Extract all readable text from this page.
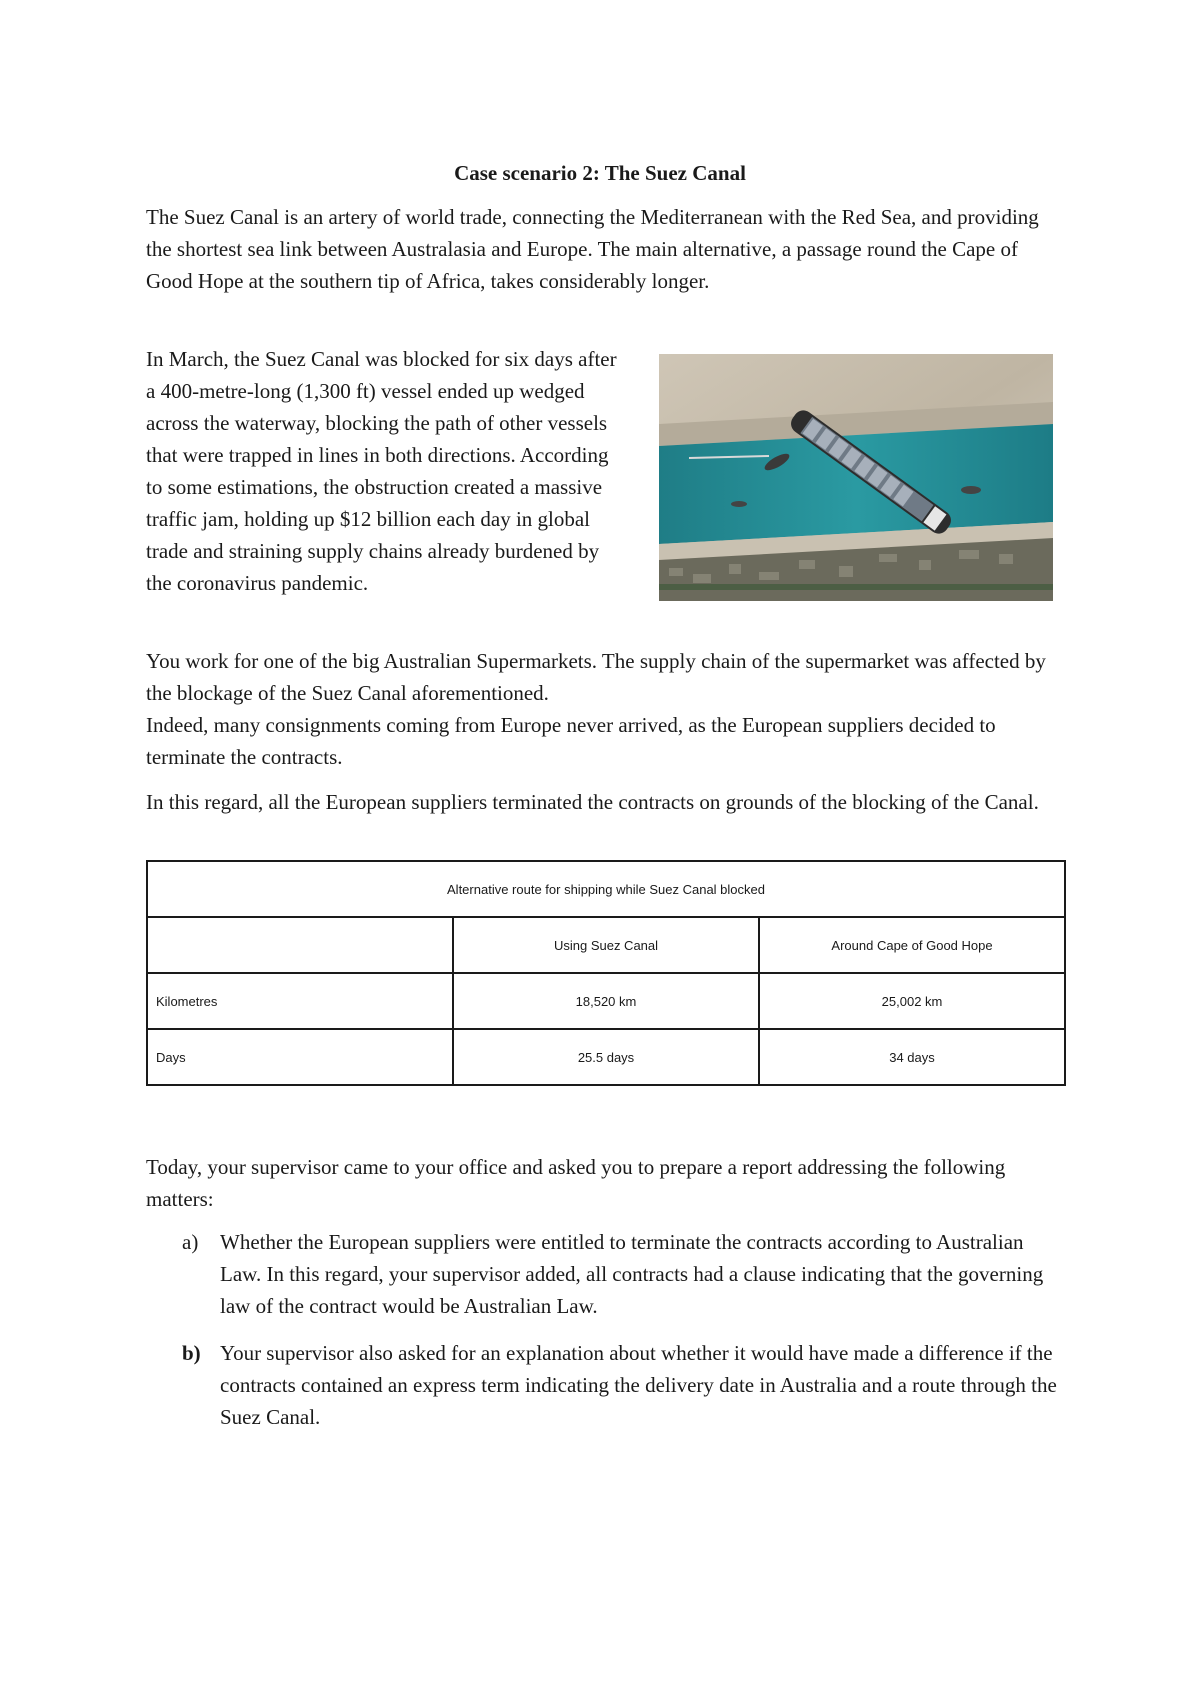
Case scenario 2: The Suez Canal

The Suez Canal is an artery of world trade, connecting the Mediterranean with the Red Sea, and providing the shortest sea link between Australasia and Europe. The main alternative, a passage round the Cape of Good Hope at the southern tip of Africa, takes considerably longer.

In March, the Suez Canal was blocked for six days after a 400-metre-long (1,300 ft) vessel ended up wedged across the waterway, blocking the path of other vessels that were trapped in lines in both directions. According to some estimations, the obstruction created a massive traffic jam, holding up $12 billion each day in global trade and straining supply chains already burdened by the coronavirus pandemic.

You work for one of the big Australian Supermarkets. The supply chain of the supermarket was affected by the blockage of the Suez Canal aforementioned.
Indeed, many consignments coming from Europe never arrived, as the European suppliers decided to terminate the contracts.

In this regard, all the European suppliers terminated the contracts on grounds of the blocking of the Canal.

Alternative route for shipping while Suez Canal blocked		
	Using Suez Canal	Around Cape of Good Hope
Kilometres	18,520 km	25,002 km
Days	25.5 days	34 days

Today, your supervisor came to your office and asked you to prepare a report addressing the following matters:

a) Whether the European suppliers were entitled to terminate the contracts according to Australian Law. In this regard, your supervisor added, all contracts had a clause indicating that the governing law of the contract would be Australian Law.
b) Your supervisor also asked for an explanation about whether it would have made a difference if the contracts contained an express term indicating the delivery date in Australia and a route through the Suez Canal.
